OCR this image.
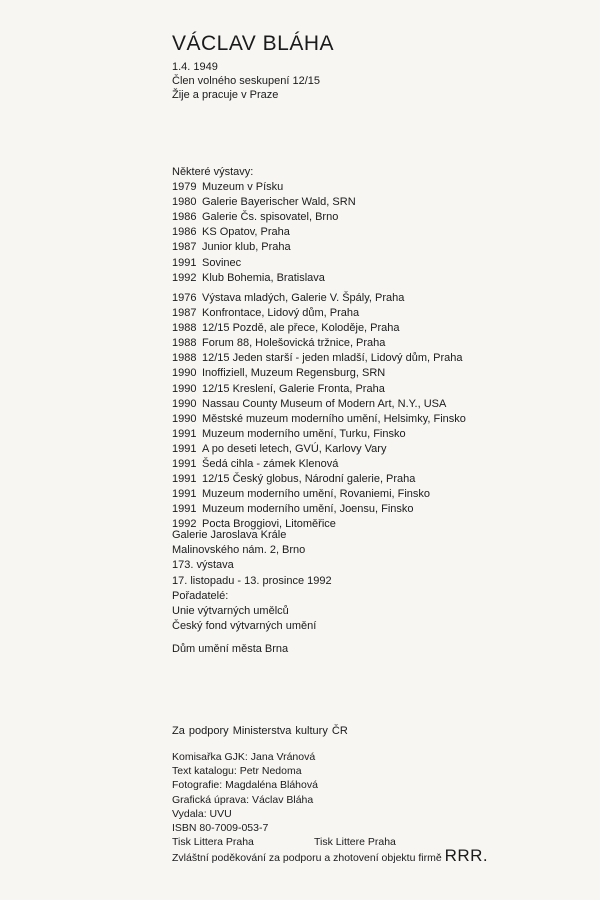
VÁCLAV BLÁHA
1.4. 1949
Člen volného seskupení 12/15
Žije a pracuje v Praze
Některé výstavy:
1979 Muzeum v Písku
1980 Galerie Bayerischer Wald, SRN
1986 Galerie Čs. spisovatel, Brno
1986 KS Opatov, Praha
1987 Junior klub, Praha
1991 Sovinec
1992 Klub Bohemia, Bratislava
1976 Výstava mladých, Galerie V. Špály, Praha
1987 Konfrontace, Lidový dům, Praha
1988 12/15 Pozdě, ale přece, Koloděje, Praha
1988 Forum 88, Holešovická tržnice, Praha
1988 12/15 Jeden starší - jeden mladší, Lidový dům, Praha
1990 Inoffiziell, Muzeum Regensburg, SRN
1990 12/15 Kreslení, Galerie Fronta, Praha
1990 Nassau County Museum of Modern Art, N.Y., USA
1990 Městské muzeum moderního umění, Helsimky, Finsko
1991 Muzeum moderního umění, Turku, Finsko
1991 A po deseti letech, GVÚ, Karlovy Vary
1991 Šedá cihla - zámek Klenová
1991 12/15 Český globus, Národní galerie, Praha
1991 Muzeum moderního umění, Rovaniemi, Finsko
1991 Muzeum moderního umění, Joensu, Finsko
1992 Pocta Broggiovi, Litoměřice
Galerie Jaroslava Krále
Malinovského nám. 2, Brno
173. výstava
17. listopadu - 13. prosince 1992
Pořadatelé:
Unie výtvarných umělců
Český fond výtvarných umění
Dům umění města Brna
Za podpory Ministerstva kultury ČR
Komisařka GJK: Jana Vránová
Text katalogu: Petr Nedoma
Fotografie: Magdaléna Bláhová
Grafická úprava: Václav Bláha
Vydala: UVU
ISBN 80-7009-053-7
Tisk Littera Praha	Tisk Littere Praha
Zvláštní poděkování za podporu a zhotovení objektu firmě RRR.
